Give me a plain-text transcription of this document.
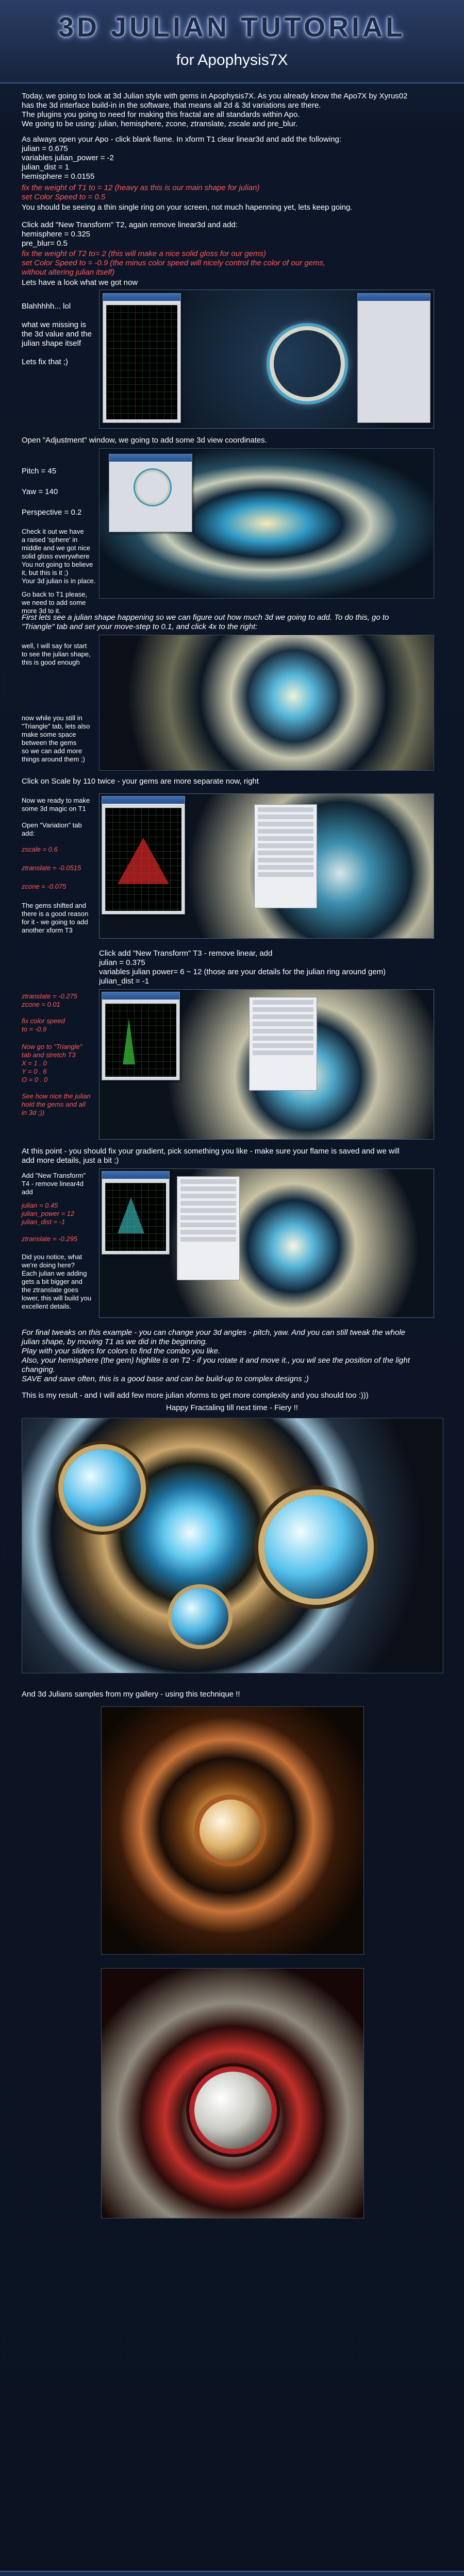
3D JULIAN TUTORIAL
for Apophysis7X
Today, we going to look at 3d Julian style with gems in Apophysis7X. As you already know the Apo7X by Xyrus02
has the 3d interface build-in in the software, that means all 2d & 3d variations are there.
The plugins you going to need for making this fractal are all standards within Apo.
We going to be using: julian, hemisphere, zcone, ztranslate, zscale and pre_blur.
As always open your Apo - click blank flame. In xform T1 clear linear3d and add the following:
julian = 0.675
variables julian_power = -2
julian_dist = 1
hemisphere = 0.0155
fix the weight of T1 to = 12 (heavy as this is our main shape for julian)
set Color Speed to = 0.5
You should be seeing a thin single ring on your screen, not much hapenning yet, lets keep going.
Click add "New Transform" T2, again remove linear3d and add:
hemisphere = 0.325
pre_blur= 0.5
fix the weight of T2 to= 2 (this will make a nice solid gloss for our gems)
set Color Speed to = -0.9 (the minus color speed will nicely control the color of our gems,
without altering julian itself)
Lets have a look what we got now
Blahhhhh... lol

what we missing is
the 3d value and the
julian shape itself

Lets fix that ;)
Open "Adjustment" window, we going to add some 3d view coordinates.
Pitch = 45
Yaw = 140
Perspective = 0.2
Check it out we have
a raised 'sphere' in
middle and we got nice
solid gloss everywhere
You not going to believe
it, but this is it ;)
Your 3d julian is in place.
Go back to T1 please,
we need to add some
more 3d to it.
First lets see a julian shape happening so we can figure out how much 3d we going to add. To do this, go to
"Triangle" tab and set your move-step to 0.1, and click 4x to the right:
well, I will say for start
to see the julian shape,
this is good enough
now while you still in
"Triangle" tab, lets also
make some space
between the gems
so we can add more
things around them ;)
Click on Scale by 110 twice - your gems are more separate now, right
Now we ready to make
some 3d magic on T1
Open "Variation" tab
add:
zscale = 0.6
ztranslate = -0.0515
zcone = -0.075
The gems shifted and
there is a good reason
for it - we going to add
another xform T3
Click add "New Transform" T3 - remove linear, add
julian = 0.375
variables julian power= 6 ~ 12 (those are your details for the julian ring around gem)
julian_dist = -1
ztranslate = -0.275
zcone = 0.01
fix color speed
to = -0.9
Now go to "Triangle"
tab and stretch T3
X = 1 . 0
Y = 0 . 6
O = 0 . 0
See how nice the julian
hold the gems and all
in 3d ;))
At this point - you should fix your gradient, pick something you like - make sure your flame is saved and we will
add more details, just a bit ;)
Add "New Transform"
T4 - remove linear4d
add
julian = 0.45
julian_power = 12
julian_dist = -1
ztranslate = -0.295
Did you notice, what
we're doing here?
Each julian we adding
gets a bit bigger and
the ztranslate goes
lower, this will build you
excellent details.
For final tweaks on this example - you can change your 3d angles - pitch, yaw. And you can still tweak the whole
julian shape, by moving T1 as we did in the beginning.
Play with your sliders for colors to find the combo you like.
Also, your hemisphere (the gem) highlite is on T2 - if you rotate it and move it., you wil see the position of the light
changing.
SAVE and save often, this is a good base and can be build-up to complex designs ;)
This is my result - and I will add few more julian xforms to get more complexity and you should too :)))
Happy Fractaling till next time - Fiery !!
And 3d Julians samples from my gallery - using this technique !!
